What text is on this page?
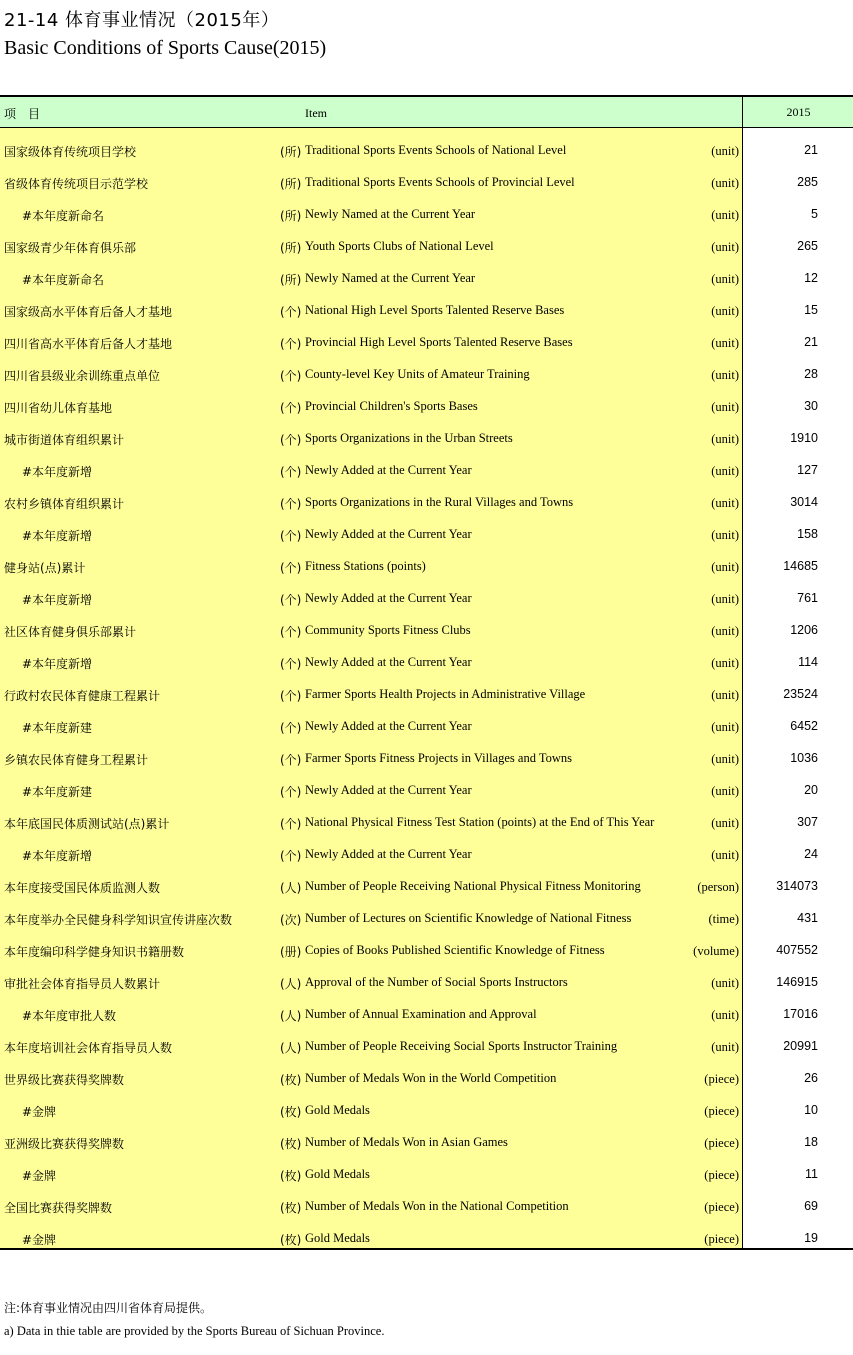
21-14 体育事业情况（2015年）
Basic Conditions of Sports Cause(2015)
项　目	Item	2015
国家级体育传统项目学校	(所) Traditional Sports Events Schools of National Level	(unit)	21
省级体育传统项目示范学校	(所) Traditional Sports Events Schools of Provincial Level	(unit)	285
#本年度新命名	(所) Newly Named at the Current Year	(unit)	5
国家级青少年体育俱乐部	(所) Youth Sports Clubs of National Level	(unit)	265
#本年度新命名	(所) Newly Named at the Current Year	(unit)	12
国家级高水平体育后备人才基地	(个) National High Level Sports Talented Reserve Bases	(unit)	15
四川省高水平体育后备人才基地	(个) Provincial High Level Sports Talented Reserve Bases	(unit)	21
四川省县级业余训练重点单位	(个) County-level Key Units of Amateur Training	(unit)	28
四川省幼儿体育基地	(个) Provincial Children's Sports Bases	(unit)	30
城市街道体育组织累计	(个) Sports Organizations in the Urban Streets	(unit)	1910
#本年度新增	(个) Newly Added at the Current Year	(unit)	127
农村乡镇体育组织累计	(个) Sports Organizations in the Rural Villages and Towns	(unit)	3014
#本年度新增	(个) Newly Added at the Current Year	(unit)	158
健身站(点)累计	(个) Fitness Stations (points)	(unit)	14685
#本年度新增	(个) Newly Added at the Current Year	(unit)	761
社区体育健身俱乐部累计	(个) Community Sports Fitness Clubs	(unit)	1206
#本年度新增	(个) Newly Added at the Current Year	(unit)	114
行政村农民体育健康工程累计	(个) Farmer Sports Health Projects in Administrative Village	(unit)	23524
#本年度新建	(个) Newly Added at the Current Year	(unit)	6452
乡镇农民体育健身工程累计	(个) Farmer Sports Fitness Projects in Villages and Towns	(unit)	1036
#本年度新建	(个) Newly Added at the Current Year	(unit)	20
本年底国民体质测试站(点)累计	(个) National Physical Fitness Test Station (points) at the End of This Year	(unit)	307
#本年度新增	(个) Newly Added at the Current Year	(unit)	24
本年度接受国民体质监测人数	(人) Number of People Receiving National Physical Fitness Monitoring	(person)	314073
本年度举办全民健身科学知识宣传讲座次数	(次) Number of Lectures on Scientific Knowledge of National Fitness	(time)	431
本年度编印科学健身知识书籍册数	(册) Copies of Books Published Scientific Knowledge of Fitness	(volume)	407552
审批社会体育指导员人数累计	(人) Approval of the Number of Social Sports Instructors	(unit)	146915
#本年度审批人数	(人) Number of Annual Examination and Approval	(unit)	17016
本年度培训社会体育指导员人数	(人) Number of People Receiving Social Sports Instructor Training	(unit)	20991
世界级比赛获得奖牌数	(枚) Number of Medals Won in the World Competition	(piece)	26
#金牌	(枚) Gold Medals	(piece)	10
亚洲级比赛获得奖牌数	(枚) Number of Medals Won in Asian Games	(piece)	18
#金牌	(枚) Gold Medals	(piece)	11
全国比赛获得奖牌数	(枚) Number of Medals Won in the National Competition	(piece)	69
#金牌	(枚) Gold Medals	(piece)	19
注:体育事业情况由四川省体育局提供。
a) Data in thie table are provided by the Sports Bureau of Sichuan Province.
